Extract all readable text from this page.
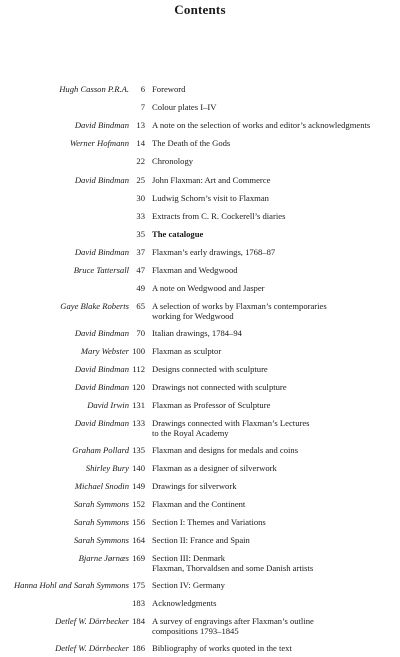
Contents
Hugh Casson P.R.A.	6 Foreword
7 Colour plates I–IV
David Bindman 13 A note on the selection of works and editor’s acknowledgments
Werner Hofmann 14 The Death of the Gods
22 Chronology
David Bindman 25 John Flaxman: Art and Commerce
30 Ludwig Schorn’s visit to Flaxman
33 Extracts from C. R. Cockerell’s diaries
35 The catalogue
David Bindman 37 Flaxman’s early drawings, 1768–87
Bruce Tattersall 47 Flaxman and Wedgwood
49 A note on Wedgwood and Jasper
Gaye Blake Roberts 65 A selection of works by Flaxman’s contemporaries
working for Wedgwood
David Bindman 70 Italian drawings, 1784–94
Mary Webster 100 Flaxman as sculptor
David Bindman 112 Designs connected with sculpture
David Bindman 120 Drawings not connected with sculpture
David Irwin 131 Flaxman as Professor of Sculpture
David Bindman 133 Drawings connected with Flaxman’s Lectures
to the Royal Academy
Graham Pollard 135 Flaxman and designs for medals and coins
Shirley Bury 140 Flaxman as a designer of silverwork
Michael Snodin 149 Drawings for silverwork
Sarah Symmons 152 Flaxman and the Continent
Sarah Symmons 156 Section I: Themes and Variations
Sarah Symmons 164 Section II: France and Spain
Bjarne Jørnæs 169 Section III: Denmark
Flaxman, Thorvaldsen and some Danish artists
Hanna Hohl and Sarah Symmons 175 Section IV: Germany
183 Acknowledgments
Detlef W. Dörrbecker 184 A survey of engravings after Flaxman’s outline
compositions 1793–1845
Detlef W. Dörrbecker 186 Bibliography of works quoted in the text
